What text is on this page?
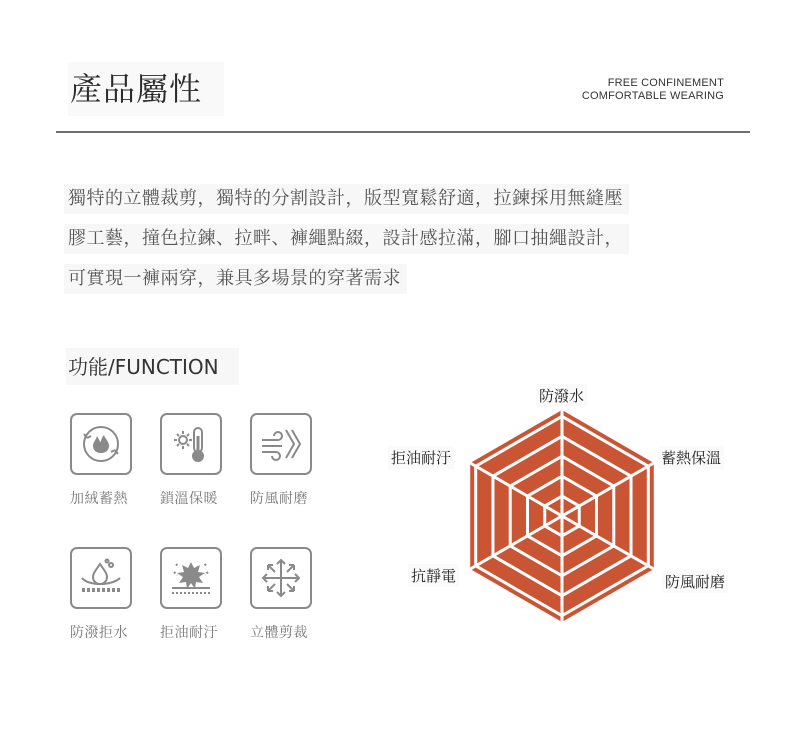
產品屬性	FREE CONFINEMENT
COMFORTABLE WEARING
獨特的立體裁剪，獨特的分割設計，版型寬鬆舒適，拉鍊採用無縫壓
膠工藝，撞色拉鍊、拉畔、褲繩點綴，設計感拉滿，腳口抽繩設計，
可實現一褲兩穿，兼具多場景的穿著需求
功能/FUNCTION
加絨蓄熱 鎖溫保暖 防風耐磨
防潑拒水 拒油耐汙 立體剪裁
防潑水
蓄熱保溫
防風耐磨
抗靜電
拒油耐汙
